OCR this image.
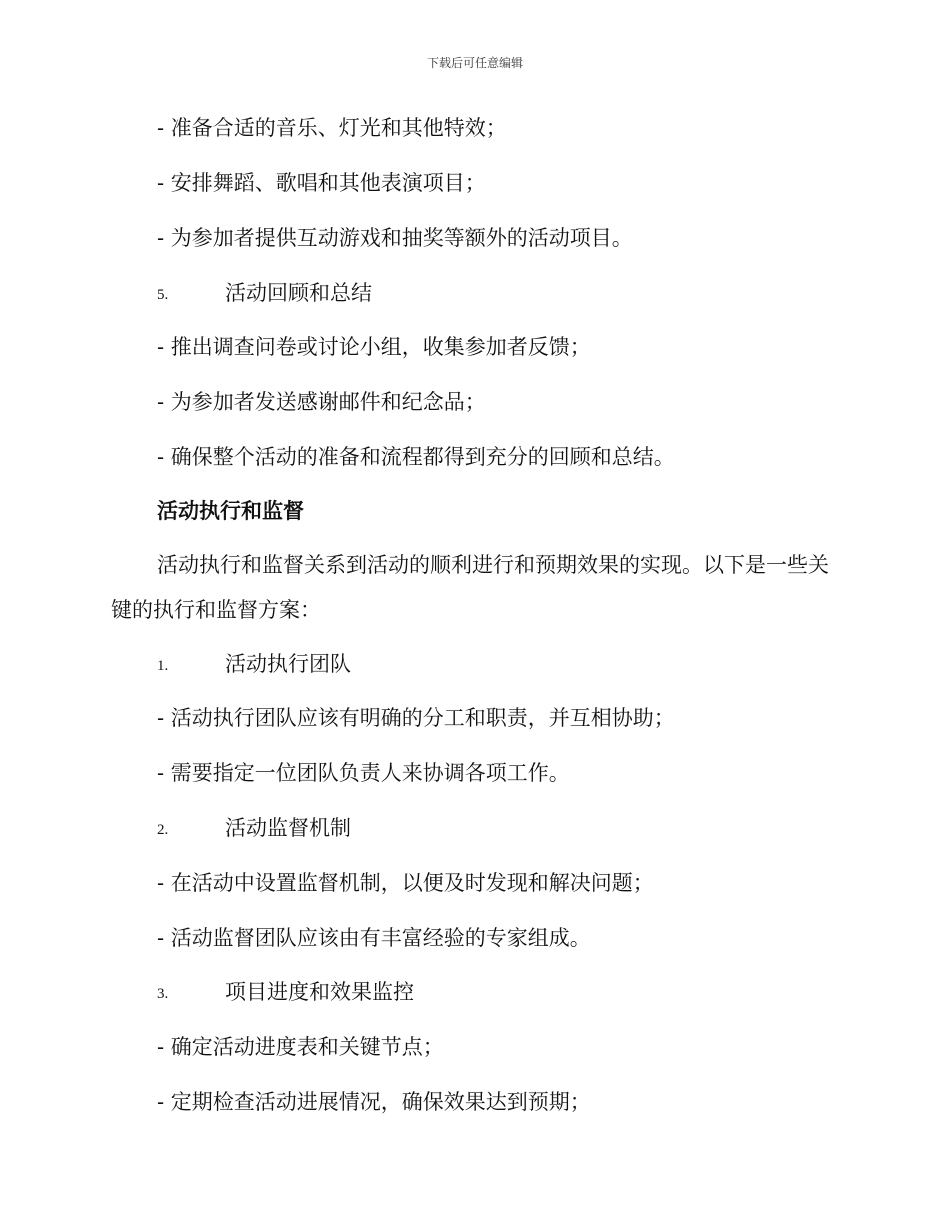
下载后可任意编辑
- 准备合适的音乐、灯光和其他特效；
- 安排舞蹈、歌唱和其他表演项目；
- 为参加者提供互动游戏和抽奖等额外的活动项目。
5.	活动回顾和总结
- 推出调查问卷或讨论小组，收集参加者反馈；
- 为参加者发送感谢邮件和纪念品；
- 确保整个活动的准备和流程都得到充分的回顾和总结。
活动执行和监督
活动执行和监督关系到活动的顺利进行和预期效果的实现。以下是一些关键的执行和监督方案：
1.	活动执行团队
- 活动执行团队应该有明确的分工和职责，并互相协助；
- 需要指定一位团队负责人来协调各项工作。
2.	活动监督机制
- 在活动中设置监督机制，以便及时发现和解决问题；
- 活动监督团队应该由有丰富经验的专家组成。
3.	项目进度和效果监控
- 确定活动进度表和关键节点；
- 定期检查活动进展情况，确保效果达到预期；
